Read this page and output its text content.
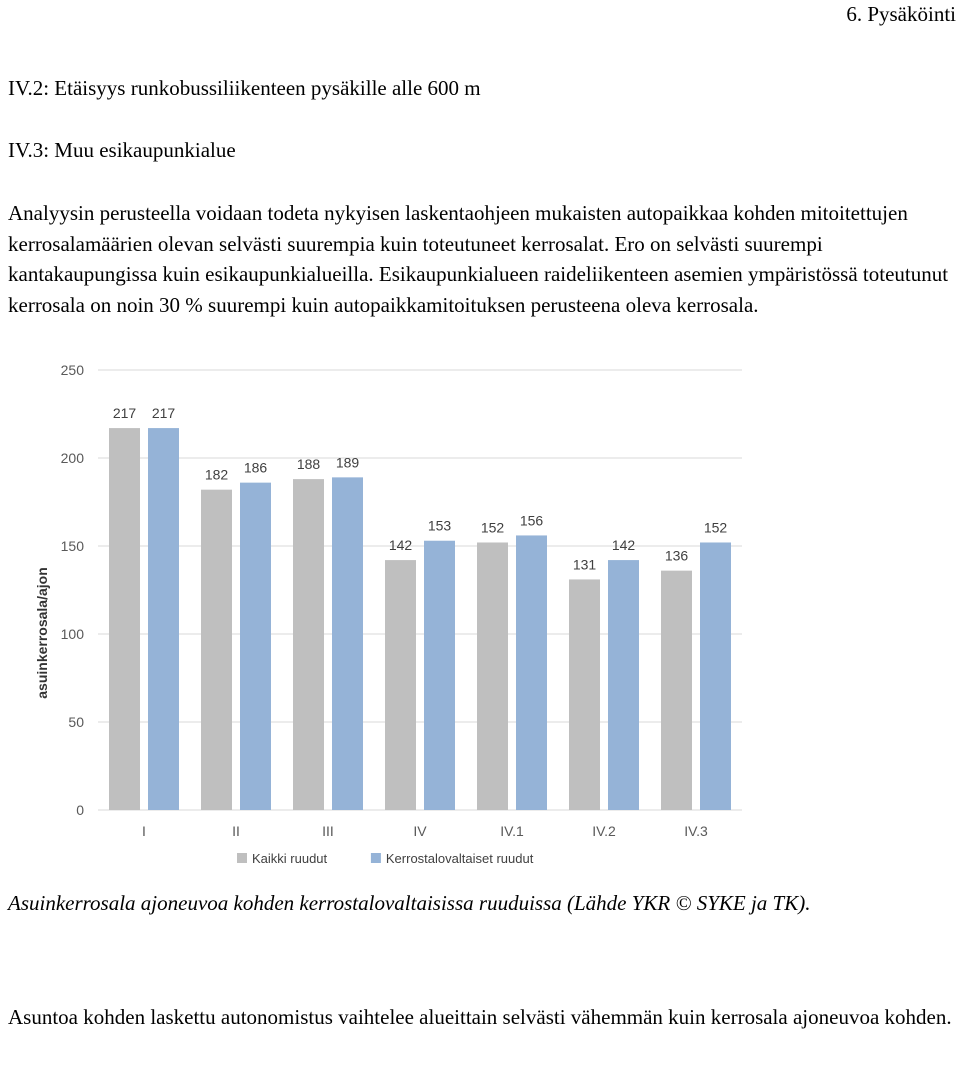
6. Pysäköinti
IV.2: Etäisyys runkobussiliikenteen pysäkille alle 600 m
IV.3: Muu esikaupunkialue
Analyysin perusteella voidaan todeta nykyisen laskentaohjeen mukaisten autopaikkaa kohden mitoitettujen kerrosalamäärien olevan selvästi suurempia kuin toteutuneet kerrosalat. Ero on selvästi suurempi kantakaupungissa kuin esikaupunkialueilla. Esikaupunkialueen raideliikenteen asemien ympäristössä toteutunut kerrosala on noin 30 % suurempi kuin autopaikkamitoituksen perusteena oleva kerrosala.
0
50
100
150
200
250
217 217
182 186 188 189
142
153 152 156
131
142
136
152
I	II	III	IV	IV.1	IV.2	IV.3
asuinkerrosala/ajon
Kaikki ruudut	Kerrostalovaltaiset ruudut
Asuinkerrosala ajoneuvoa kohden kerrostalovaltaisissa ruuduissa (Lähde YKR © SYKE ja TK).
Asuntoa kohden laskettu autonomistus vaihtelee alueittain selvästi vähemmän kuin kerrosala ajoneuvoa kohden.
